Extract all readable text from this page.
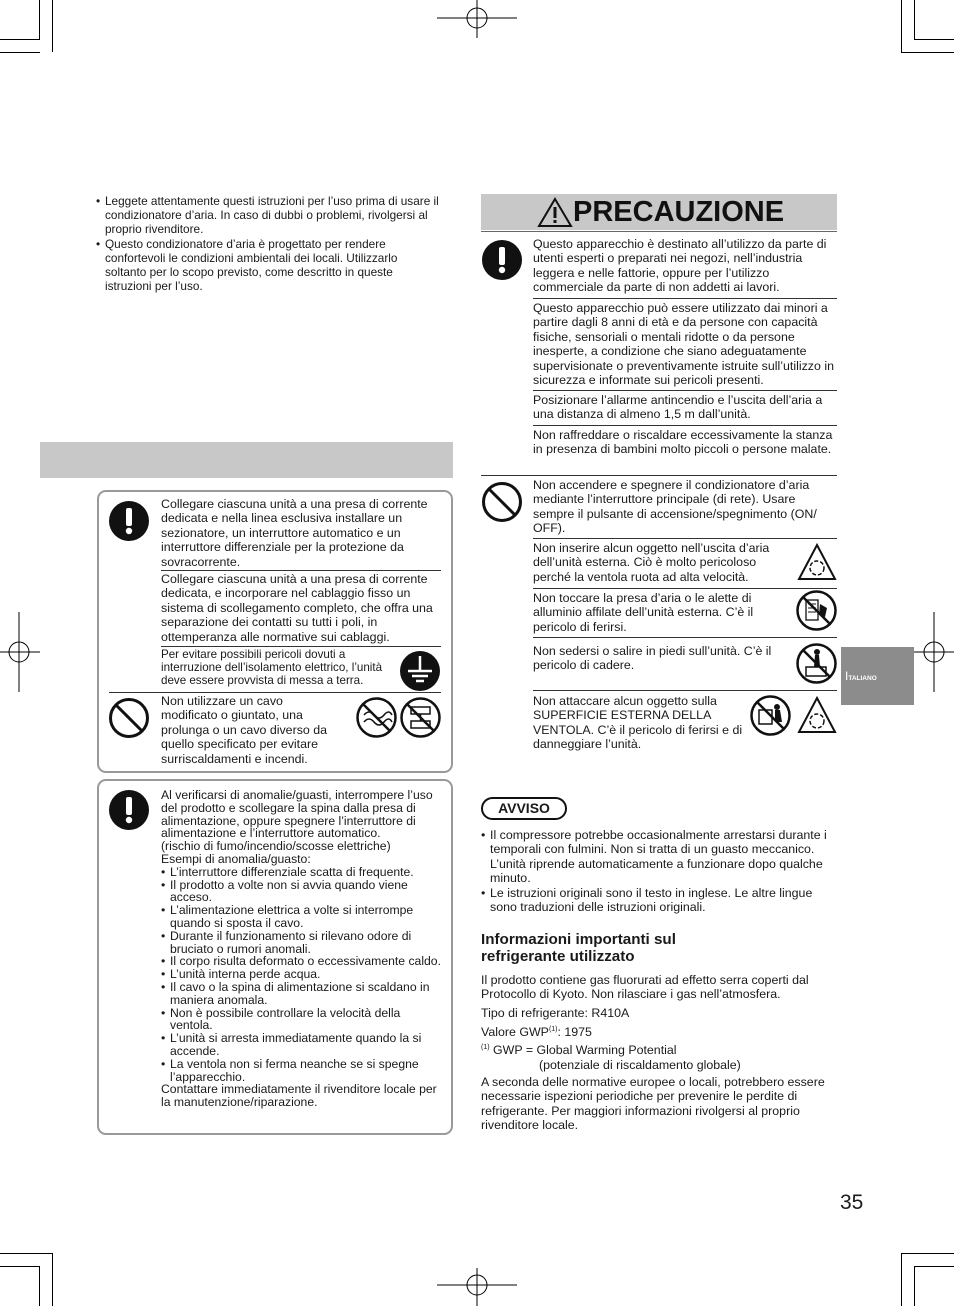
• Leggete attentamente questi istruzioni per l’uso prima di usare il condizionatore d’aria. In caso di dubbi o problemi, rivolgersi al proprio rivenditore.
• Questo condizionatore d’aria è progettato per rendere confortevoli le condizioni ambientali dei locali. Utilizzarlo soltanto per lo scopo previsto, come descritto in queste istruzioni per l’uso.
Collegare ciascuna unità a una presa di corrente dedicata e nella linea esclusiva installare un sezionatore, un interruttore automatico e un interruttore differenziale per la protezione da sovracorrente.
Collegare ciascuna unità a una presa di corrente dedicata, e incorporare nel cablaggio fisso un sistema di scollegamento completo, che offra una separazione dei contatti su tutti i poli, in ottemperanza alle normative sui cablaggi.
Per evitare possibili pericoli dovuti a interruzione dell’isolamento elettrico, l’unità deve essere provvista di messa a terra.
Non utilizzare un cavo modificato o giuntato, una prolunga o un cavo diverso da quello specificato per evitare surriscaldamenti e incendi.
Al verificarsi di anomalie/guasti, interrompere l’uso del prodotto e scollegare la spina dalla presa di alimentazione, oppure spegnere l’interruttore di alimentazione e l’interruttore automatico.
(rischio di fumo/incendio/scosse elettriche)
Esempi di anomalia/guasto:
• L’interruttore differenziale scatta di frequente.
• Il prodotto a volte non si avvia quando viene acceso.
• L’alimentazione elettrica a volte si interrompe quando si sposta il cavo.
• Durante il funzionamento si rilevano odore di bruciato o rumori anomali.
• Il corpo risulta deformato o eccessivamente caldo.
• L’unità interna perde acqua.
• Il cavo o la spina di alimentazione si scaldano in maniera anomala.
• Non è possibile controllare la velocità della ventola.
• L’unità si arresta immediatamente quando la si accende.
• La ventola non si ferma neanche se si spegne l’apparecchio.
Contattare immediatamente il rivenditore locale per la manutenzione/riparazione.
PRECAUZIONE
Questo apparecchio è destinato all’utilizzo da parte di utenti esperti o preparati nei negozi, nell’industria leggera e nelle fattorie, oppure per l’utilizzo commerciale da parte di non addetti ai lavori.
Questo apparecchio può essere utilizzato dai minori a partire dagli 8 anni di età e da persone con capacità fisiche, sensoriali o mentali ridotte o da persone inesperte, a condizione che siano adeguatamente supervisionate o preventivamente istruite sull’utilizzo in sicurezza e informate sui pericoli presenti.
Posizionare l’allarme antincendio e l’uscita dell’aria a una distanza di almeno 1,5 m dall’unità.
Non raffreddare o riscaldare eccessivamente la stanza in presenza di bambini molto piccoli o persone malate.
Non accendere e spegnere il condizionatore d’aria mediante l’interruttore principale (di rete). Usare sempre il pulsante di accensione/spegnimento (ON/ OFF).
Non inserire alcun oggetto nell’uscita d’aria dell’unità esterna. Ciò è molto pericoloso perché la ventola ruota ad alta velocità.
Non toccare la presa d’aria o le alette di alluminio affilate dell’unità esterna. C’è il pericolo di ferirsi.
Non sedersi o salire in piedi sull’unità. C’è il pericolo di cadere.
Non attaccare alcun oggetto sulla SUPERFICIE ESTERNA DELLA VENTOLA. C’è il pericolo di ferirsi e di danneggiare l’unità.
AVVISO
• Il compressore potrebbe occasionalmente arrestarsi durante i temporali con fulmini. Non si tratta di un guasto meccanico. L’unità riprende automaticamente a funzionare dopo qualche minuto.
• Le istruzioni originali sono il testo in inglese. Le altre lingue sono traduzioni delle istruzioni originali.
Informazioni importanti sul
refrigerante utilizzato
Il prodotto contiene gas fluorurati ad effetto serra coperti dal Protocollo di Kyoto. Non rilasciare i gas nell’atmosfera.
Tipo di refrigerante: R410A
Valore GWP$^{(1)}$: 1975
$^{(1)}$ GWP = Global Warming Potential
(potenziale di riscaldamento globale)
A seconda delle normative europee o locali, potrebbero essere necessarie ispezioni periodiche per prevenire le perdite di refrigerante. Per maggiori informazioni rivolgersi al proprio rivenditore locale.
ITALIANO
35
